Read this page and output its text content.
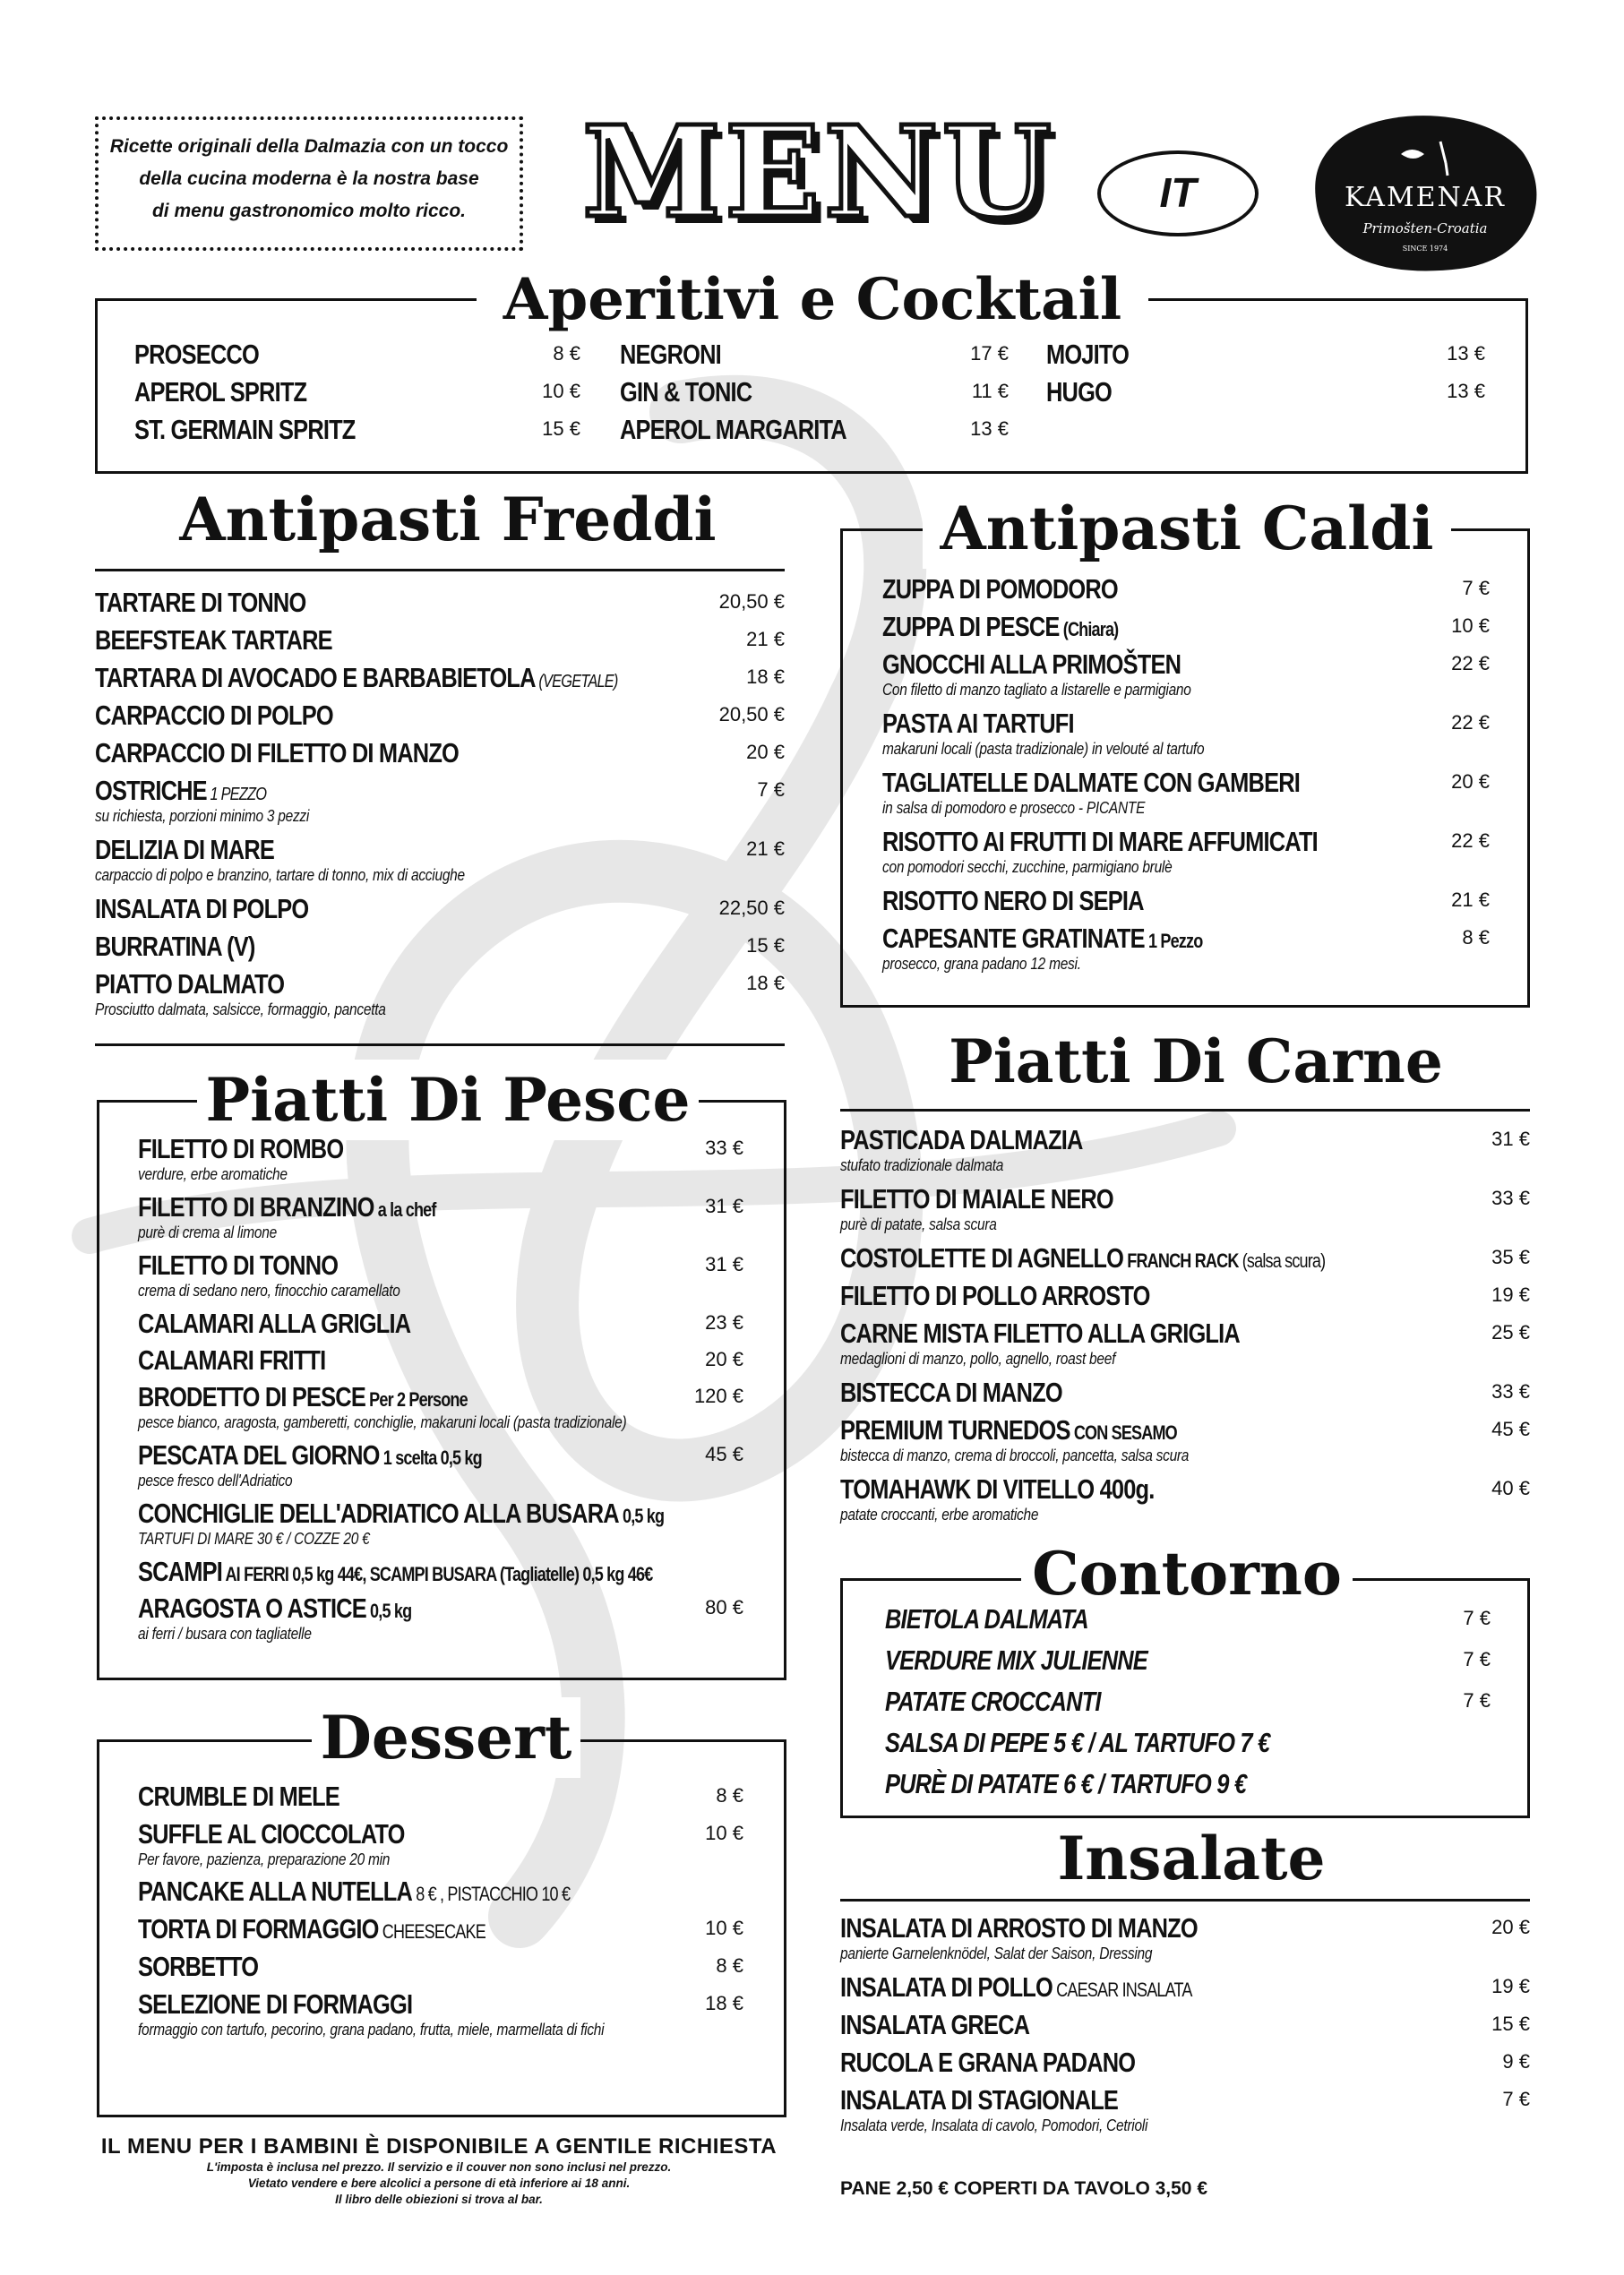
Ricette originali della Dalmazia con un tocco
della cucina moderna è la nostra base
di menu gastronomico molto ricco. MENU	IT	KAMENAR
Primošten-Croatia
SINCE 1974
Aperitivi e Cocktail
PROSECCO	8 €
APEROL SPRITZ	10 €
ST. GERMAIN SPRITZ	15 €
NEGRONI	17 €
GIN & TONIC	11 €
APEROL MARGARITA	13 €
MOJITO	13 €
HUGO	13 €
Antipasti Freddi
TARTARE DI TONNO	20,50 €
BEEFSTEAK TARTARE	21 €
TARTARA DI AVOCADO E BARBABIETOLA (VEGETALE)	18 €
CARPACCIO DI POLPO	20,50 €
CARPACCIO DI FILETTO DI MANZO	20 €
OSTRICHE 1 PEZZO	7 €
su richiesta, porzioni minimo 3 pezzi
DELIZIA DI MARE	21 €
carpaccio di polpo e branzino, tartare di tonno, mix di acciughe
INSALATA DI POLPO	22,50 €
BURRATINA (V)	15 €
PIATTO DALMATO	18 €
Prosciutto dalmata, salsicce, formaggio, pancetta
Antipasti Caldi
ZUPPA DI POMODORO	7 €
ZUPPA DI PESCE (Chiara)	10 €
GNOCCHI ALLA PRIMOŠTEN	22 €
Con filetto di manzo tagliato a listarelle e parmigiano
PASTA AI TARTUFI	22 €
makaruni locali (pasta tradizionale) in velouté al tartufo
TAGLIATELLE DALMATE CON GAMBERI	20 €
in salsa di pomodoro e prosecco - PICANTE
RISOTTO AI FRUTTI DI MARE AFFUMICATI	22 €
con pomodori secchi, zucchine, parmigiano brulè
RISOTTO NERO DI SEPIA	21 €
CAPESANTE GRATINATE 1 Pezzo	8 €
prosecco, grana padano 12 mesi.
Piatti Di Pesce
FILETTO DI ROMBO	33 €
verdure, erbe aromatiche
FILETTO DI BRANZINO a la chef	31 €
purè di crema al limone
FILETTO DI TONNO	31 €
crema di sedano nero, finocchio caramellato
CALAMARI ALLA GRIGLIA	23 €
CALAMARI FRITTI	20 €
BRODETTO DI PESCE Per 2 Persone	120 €
pesce bianco, aragosta, gamberetti, conchiglie, makaruni locali (pasta tradizionale)
PESCATA DEL GIORNO 1 scelta 0,5 kg	45 €
pesce fresco dell'Adriatico
CONCHIGLIE DELL'ADRIATICO ALLA BUSARA 0,5 kg
TARTUFI DI MARE 30 € / COZZE 20 €
SCAMPI AI FERRI 0,5 kg 44€, SCAMPI BUSARA (Tagliatelle) 0,5 kg 46€
ARAGOSTA O ASTICE 0,5 kg	80 €
ai ferri / busara con tagliatelle
Piatti Di Carne
PASTICADA DALMAZIA	31 €
stufato tradizionale dalmata
FILETTO DI MAIALE NERO	33 €
purè di patate, salsa scura
COSTOLETTE DI AGNELLO FRANCH RACK (salsa scura)	35 €
FILETTO DI POLLO ARROSTO	19 €
CARNE MISTA FILETTO ALLA GRIGLIA	25 €
medaglioni di manzo, pollo, agnello, roast beef
BISTECCA DI MANZO	33 €
PREMIUM TURNEDOS CON SESAMO	45 €
bistecca di manzo, crema di broccoli, pancetta, salsa scura
TOMAHAWK DI VITELLO 400g.	40 €
patate croccanti, erbe aromatiche
Dessert
CRUMBLE DI MELE	8 €
SUFFLE AL CIOCCOLATO	10 €
Per favore, pazienza, preparazione 20 min
PANCAKE ALLA NUTELLA 8 € , PISTACCHIO 10 €
TORTA DI FORMAGGIO CHEESECAKE	10 €
SORBETTO	8 €
SELEZIONE DI FORMAGGI	18 €
formaggio con tartufo, pecorino, grana padano, frutta, miele, marmellata di fichi
Contorno
BIETOLA DALMATA	7 €
VERDURE MIX JULIENNE	7 €
PATATE CROCCANTI	7 €
SALSA DI PEPE 5 € / AL TARTUFO 7 €
PURÈ DI PATATE 6 € / TARTUFO 9 €
Insalate
INSALATA DI ARROSTO DI MANZO	20 €
panierte Garnelenknödel, Salat der Saison, Dressing
INSALATA DI POLLO CAESAR INSALATA	19 €
INSALATA GRECA	15 €
RUCOLA E GRANA PADANO	9 €
INSALATA DI STAGIONALE	7 €
Insalata verde, Insalata di cavolo, Pomodori, Cetrioli
PANE 2,50 € COPERTI DA TAVOLO 3,50 €
IL MENU PER I BAMBINI È DISPONIBILE A GENTILE RICHIESTA
L'imposta è inclusa nel prezzo. Il servizio e il couver non sono inclusi nel prezzo.
Vietato vendere e bere alcolici a persone di età inferiore ai 18 anni.
Il libro delle obiezioni si trova al bar.
